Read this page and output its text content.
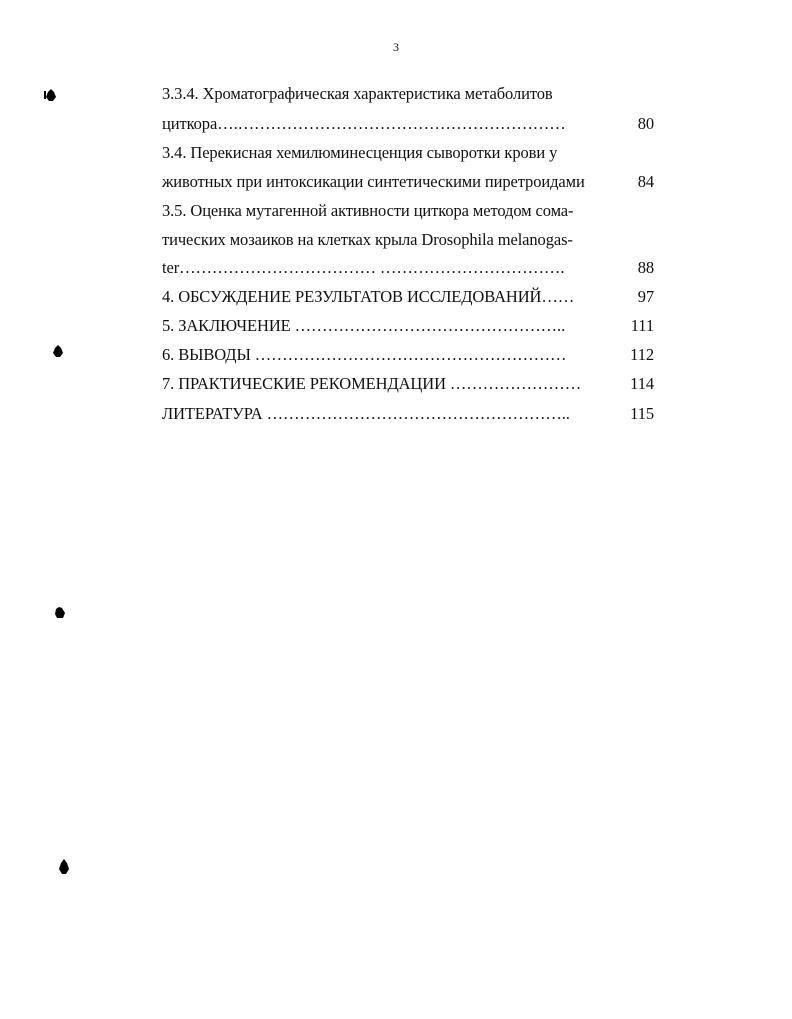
3
3.3.4. Хроматографическая характеристика метаболитов
циткора….……………………………………………………	80
3.4. Перекисная хемилюминесценция сыворотки крови у
животных при интоксикации синтетическими пиретроидами	84
3.5. Оценка мутагенной активности циткора методом сома-
тических мозаиков на клетках крыла Drosophila melanogas-
ter……………………………… …………………………….	88
4. ОБСУЖДЕНИЕ РЕЗУЛЬТАТОВ ИССЛЕДОВАНИЙ……	97
5. ЗАКЛЮЧЕНИЕ …………………………………………..	111
6. ВЫВОДЫ …………………………………………………	112
7. ПРАКТИЧЕСКИЕ РЕКОМЕНДАЦИИ ……………………	114
ЛИТЕРАТУРА ………………………………………………..	115
